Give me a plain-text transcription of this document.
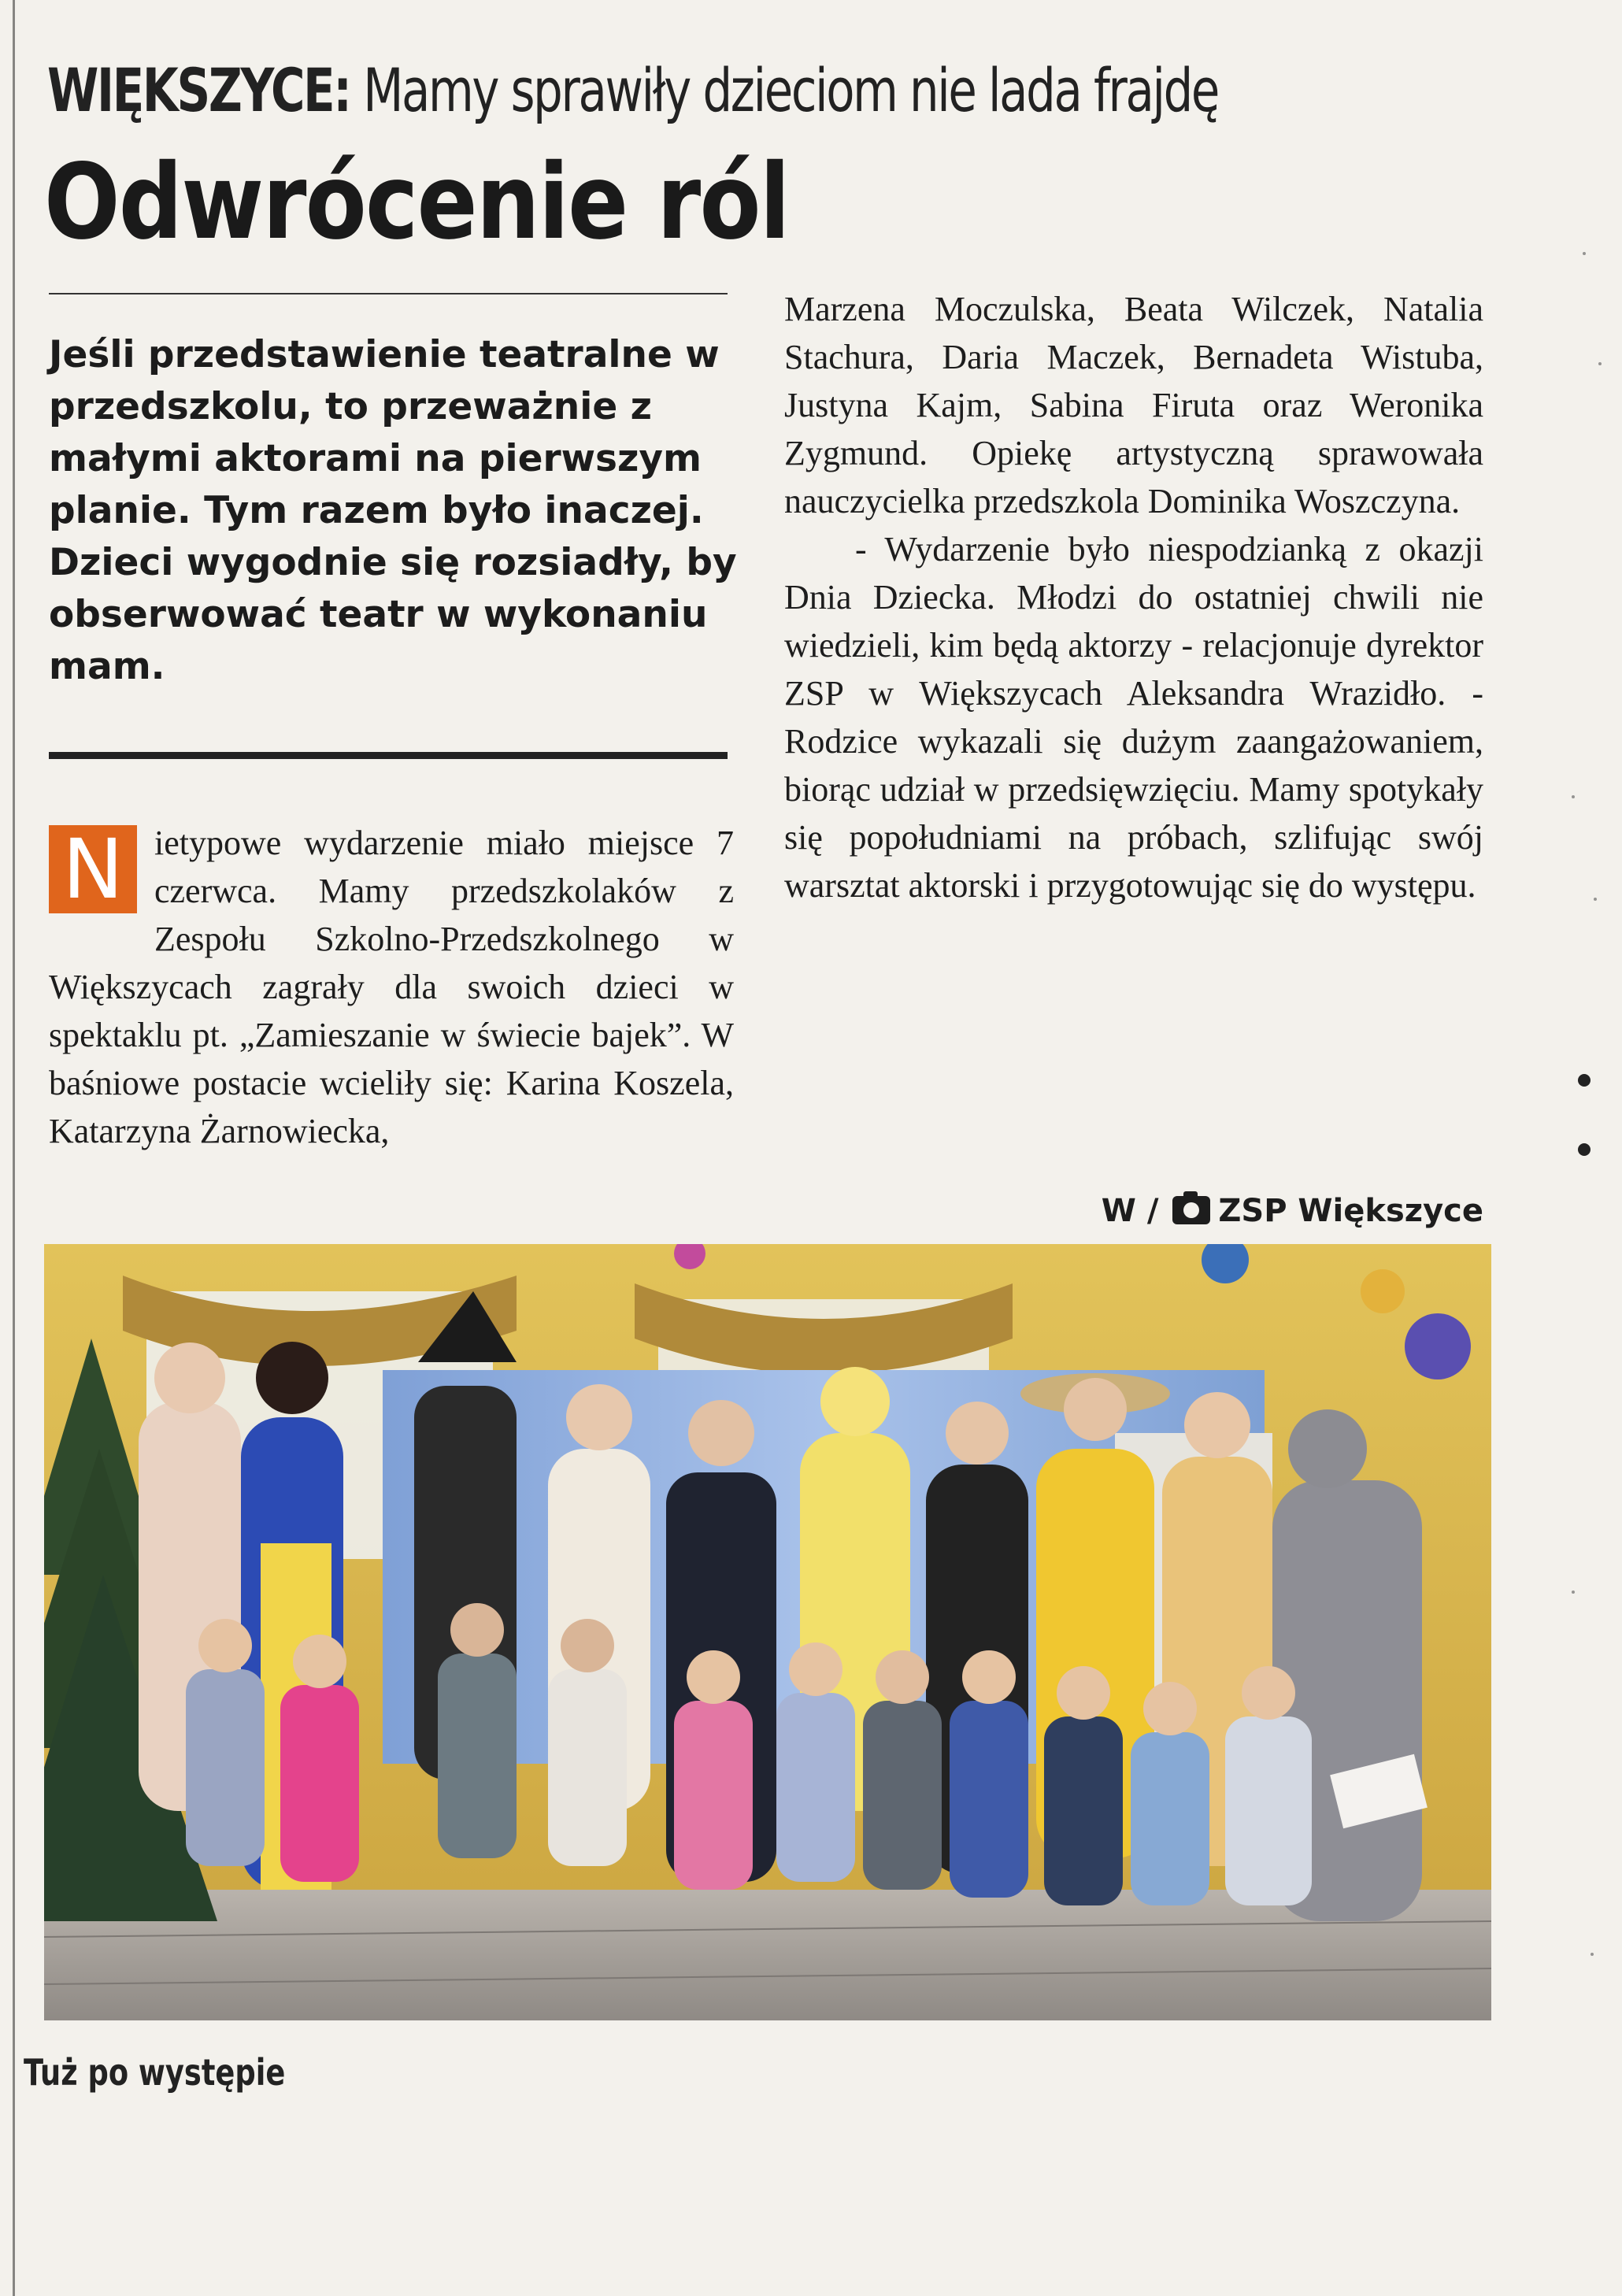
WIĘKSZYCE: Mamy sprawiły dzieciom nie lada frajdę
Odwrócenie ról
Jeśli przedstawienie teatralne w przedszkolu, to przeważnie z małymi aktorami na pierwszym planie. Tym razem było inaczej. Dzieci wygodnie się rozsiadły, by obserwować teatr w wykonaniu mam.
N ietypowe wydarzenie miało miejsce 7 czerwca. Mamy przedszkolaków z Zespołu Szkolno-Przedszkolnego w Większycach zagrały dla swoich dzieci w spektaklu pt. „Zamieszanie w świecie bajek”. W baśniowe postacie wcieliły się: Karina Koszela, Katarzyna Żarnowiecka,

Marzena Moczulska, Beata Wilczek, Natalia Stachura, Daria Maczek, Bernadeta Wistuba, Justyna Kajm, Sabina Firuta oraz Weronika Zygmund. Opiekę artystyczną sprawowała nauczycielka przedszkola Dominika Woszczyna.

- Wydarzenie było niespodzianką z okazji Dnia Dziecka. Młodzi do ostatniej chwili nie wiedzieli, kim będą aktorzy - relacjonuje dyrektor ZSP w Większycach Aleksandra Wrazidło. - Rodzice wykazali się dużym zaangażowaniem, biorąc udział w przedsięwzięciu. Mamy spotykały się popołudniami na próbach, szlifując swój warsztat aktorski i przygotowując się do występu.

W / ZSP Większyce
Tuż po występie
